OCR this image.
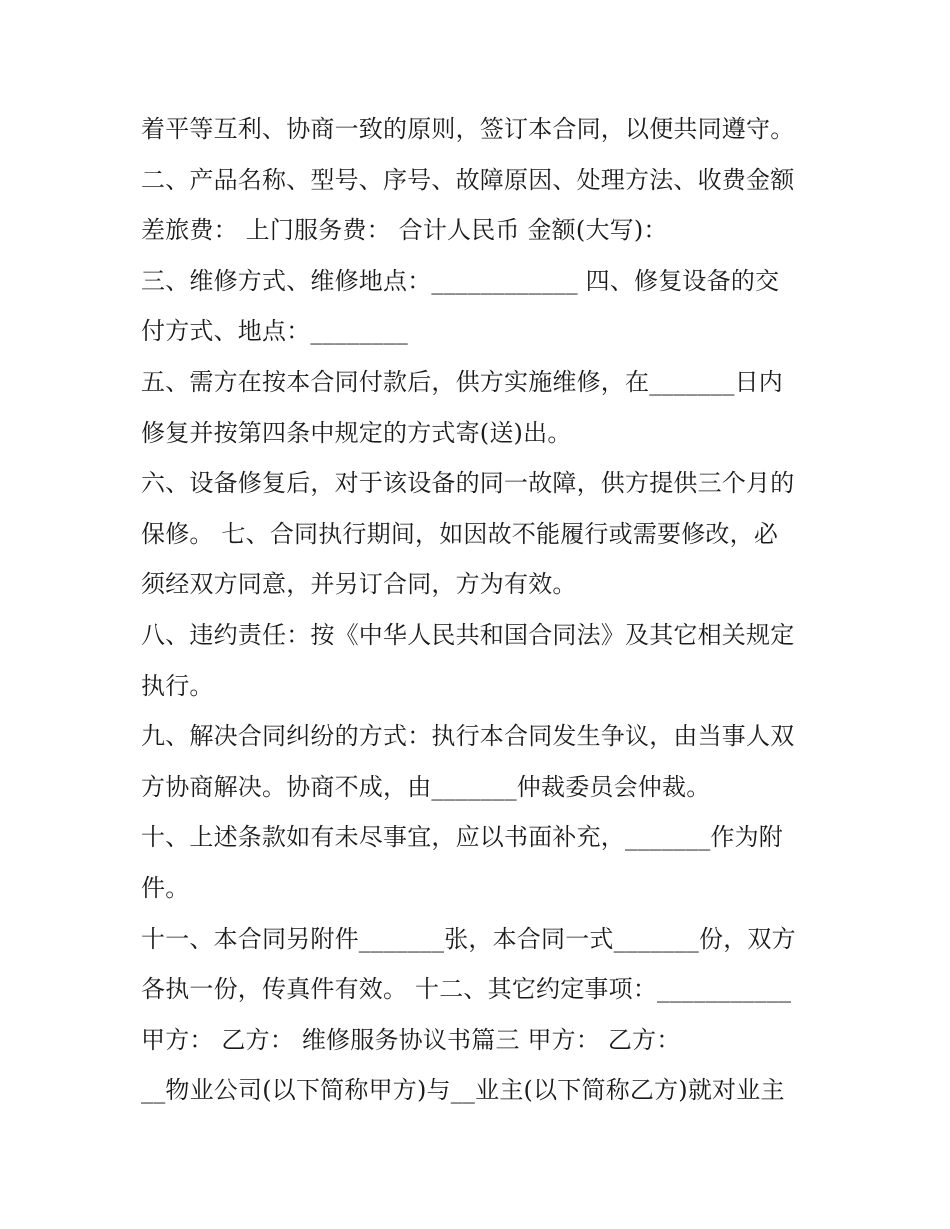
着平等互利、协商一致的原则，签订本合同，以便共同遵守。
二、产品名称、型号、序号、故障原因、处理方法、收费金额
差旅费： 上门服务费： 合计人民币 金额(大写)：
三、维修方式、维修地点：____________ 四、修复设备的交
付方式、地点：________
五、需方在按本合同付款后，供方实施维修，在_______日内
修复并按第四条中规定的方式寄(送)出。
六、设备修复后，对于该设备的同一故障，供方提供三个月的
保修。 七、合同执行期间，如因故不能履行或需要修改，必
须经双方同意，并另订合同，方为有效。
八、违约责任：按《中华人民共和国合同法》及其它相关规定
执行。
九、解决合同纠纷的方式：执行本合同发生争议，由当事人双
方协商解决。协商不成，由_______仲裁委员会仲裁。
十、上述条款如有未尽事宜，应以书面补充，_______作为附
件。
十一、本合同另附件_______张，本合同一式_______份，双方
各执一份，传真件有效。 十二、其它约定事项：___________
甲方： 乙方： 维修服务协议书篇三 甲方： 乙方：
__物业公司(以下简称甲方)与__业主(以下简称乙方)就对业主
